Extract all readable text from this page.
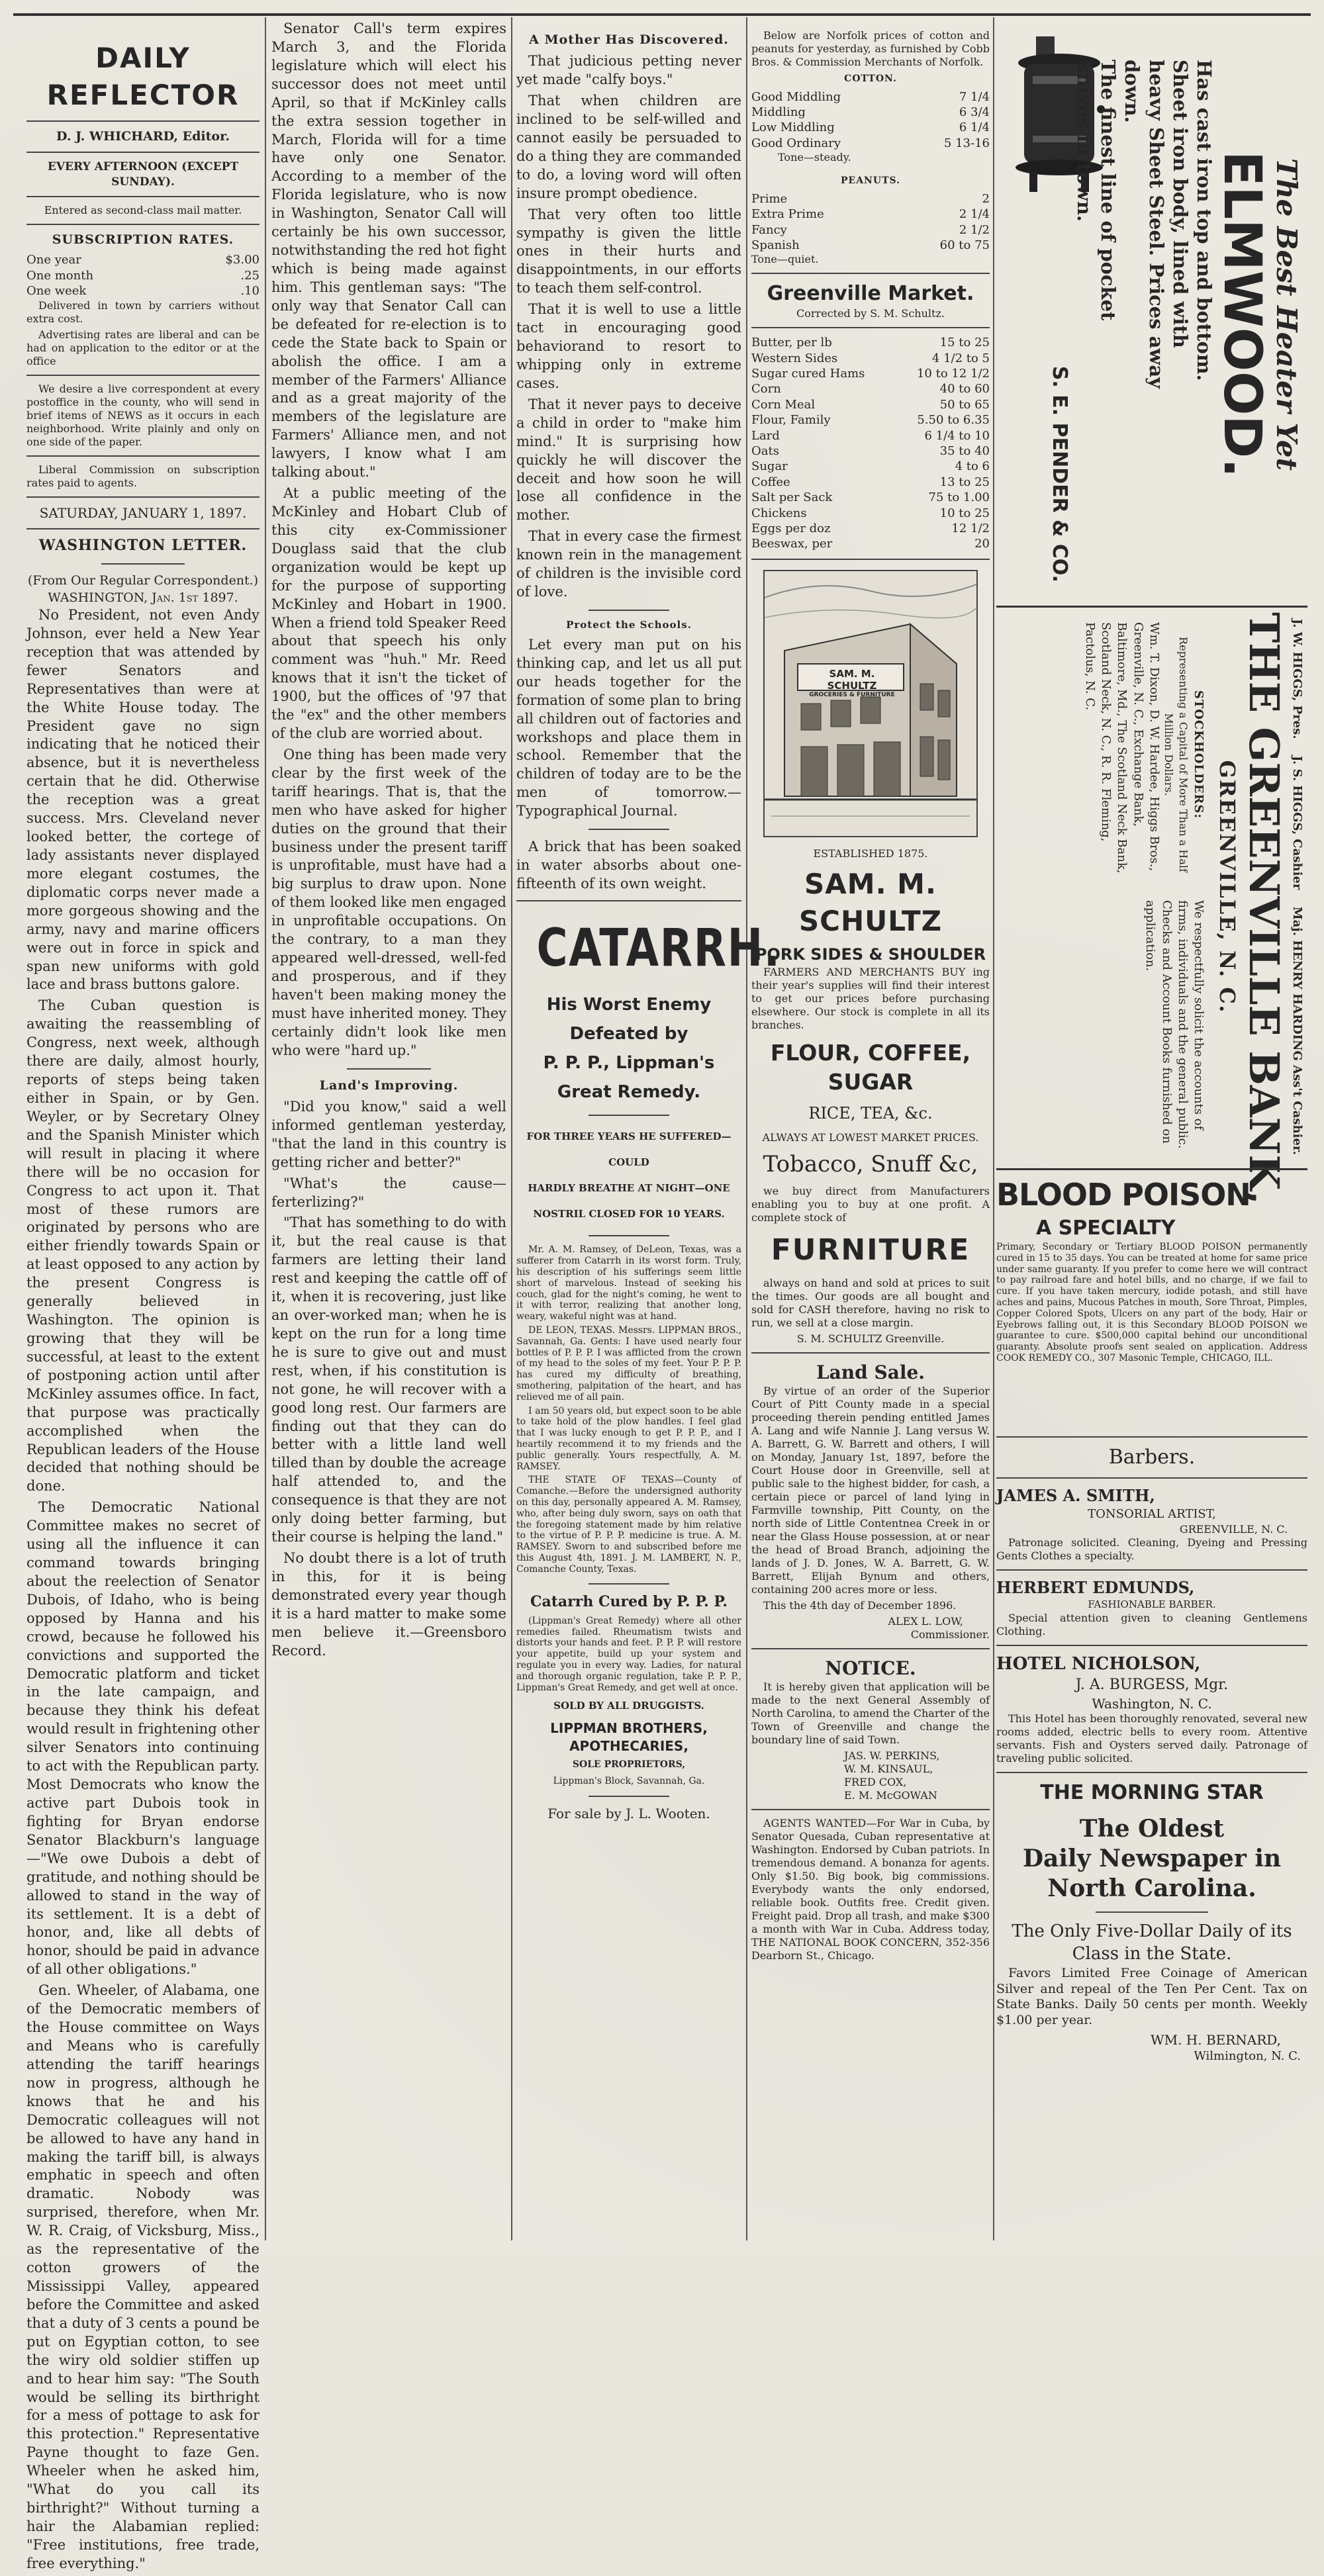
DAILY REFLECTOR
D. J. WHICHARD, Editor.
EVERY AFTERNOON (EXCEPT SUNDAY).
Entered as second-class mail matter.
SUBSCRIPTION RATES.
One year	$3.00
One month	.25
One week	.10

Delivered in town by carriers without extra cost.

Advertising rates are liberal and can be had on application to the editor or at the office

We desire a live correspondent at every postoffice in the county, who will send in brief items of NEWS as it occurs in each neighborhood. Write plainly and only on one side of the paper.

Liberal Commission on subscription rates paid to agents.

SATURDAY, JANUARY 1, 1897.
WASHINGTON LETTER.
(From Our Regular Correspondent.)
WASHINGTON, Jan. 1st 1897.

No President, not even Andy Johnson, ever held a New Year reception that was attended by fewer Senators and Representatives than were at the White House today. The President gave no sign indicating that he noticed their absence, but it is nevertheless certain that he did. Otherwise the reception was a great success. Mrs. Cleveland never looked better, the cortege of lady assistants never displayed more elegant costumes, the diplomatic corps never made a more gorgeous showing and the army, navy and marine officers were out in force in spick and span new uniforms with gold lace and brass buttons galore.

The Cuban question is awaiting the reassembling of Congress, next week, although there are daily, almost hourly, reports of steps being taken either in Spain, or by Gen. Weyler, or by Secretary Olney and the Spanish Minister which will result in placing it where there will be no occasion for Congress to act upon it. That most of these rumors are originated by persons who are either friendly towards Spain or at least opposed to any action by the present Congress is generally believed in Washington. The opinion is growing that they will be successful, at least to the extent of postponing action until after McKinley assumes office. In fact, that purpose was practically accomplished when the Republican leaders of the House decided that nothing should be done.

The Democratic National Committee makes no secret of using all the influence it can command towards bringing about the reelection of Senator Dubois, of Idaho, who is being opposed by Hanna and his crowd, because he followed his convictions and supported the Democratic platform and ticket in the late campaign, and because they think his defeat would result in frightening other silver Senators into continuing to act with the Republican party. Most Democrats who know the active part Dubois took in fighting for Bryan endorse Senator Blackburn's language—"We owe Dubois a debt of gratitude, and nothing should be allowed to stand in the way of its settlement. It is a debt of honor, and, like all debts of honor, should be paid in advance of all other obligations."

Gen. Wheeler, of Alabama, one of the Democratic members of the House committee on Ways and Means who is carefully attending the tariff hearings now in progress, although he knows that he and his Democratic colleagues will not be allowed to have any hand in making the tariff bill, is always emphatic in speech and often dramatic. Nobody was surprised, therefore, when Mr. W. R. Craig, of Vicksburg, Miss., as the representative of the cotton growers of the Mississippi Valley, appeared before the Committee and asked that a duty of 3 cents a pound be put on Egyptian cotton, to see the wiry old soldier stiffen up and to hear him say: "The South would be selling its birthright for a mess of pottage to ask for this protection." Representative Payne thought to faze Gen. Wheeler when he asked him, "What do you call its birthright?" Without turning a hair the Alabamian replied: "Free institutions, free trade, free everything."

Senator Call's term expires March 3, and the Florida legislature which will elect his successor does not meet until April, so that if McKinley calls the extra session together in March, Florida will for a time have only one Senator. According to a member of the Florida legislature, who is now in Washington, Senator Call will certainly be his own successor, notwithstanding the red hot fight which is being made against him. This gentleman says: "The only way that Senator Call can be defeated for re-election is to cede the State back to Spain or abolish the office. I am a member of the Farmers' Alliance and as a great majority of the members of the legislature are Farmers' Alliance men, and not lawyers, I know what I am talking about."

At a public meeting of the McKinley and Hobart Club of this city ex-Commissioner Douglass said that the club organization would be kept up for the purpose of supporting McKinley and Hobart in 1900. When a friend told Speaker Reed about that speech his only comment was "huh." Mr. Reed knows that it isn't the ticket of 1900, but the offices of '97 that the "ex" and the other members of the club are worried about.

One thing has been made very clear by the first week of the tariff hearings. That is, that the men who have asked for higher duties on the ground that their business under the present tariff is unprofitable, must have had a big surplus to draw upon. None of them looked like men engaged in unprofitable occupations. On the contrary, to a man they appeared well-dressed, well-fed and prosperous, and if they haven't been making money the must have inherited money. They certainly didn't look like men who were "hard up."

Land's Improving.

"Did you know," said a well informed gentleman yesterday, "that the land in this country is getting richer and better?"

"What's the cause—ferterlizing?"

"That has something to do with it, but the real cause is that farmers are letting their land rest and keeping the cattle off of it, when it is recovering, just like an over-worked man; when he is kept on the run for a long time he is sure to give out and must rest, when, if his constitution is not gone, he will recover with a good long rest. Our farmers are finding out that they can do better with a little land well tilled than by double the acreage half attended to, and the consequence is that they are not only doing better farming, but their course is helping the land."

No doubt there is a lot of truth in this, for it is being demonstrated every year though it is a hard matter to make some men believe it.—Greensboro Record.

A Mother Has Discovered.

That judicious petting never yet made "calfy boys."

That when children are inclined to be self-willed and cannot easily be persuaded to do a thing they are commanded to do, a loving word will often insure prompt obedience.

That very often too little sympathy is given the little ones in their hurts and disappointments, in our efforts to teach them self-control.

That it is well to use a little tact in encouraging good behaviorand to resort to whipping only in extreme cases.

That it never pays to deceive a child in order to "make him mind." It is surprising how quickly he will discover the deceit and how soon he will lose all confidence in the mother.

That in every case the firmest known rein in the management of children is the invisible cord of love.

Protect the Schools.

Let every man put on his thinking cap, and let us all put our heads together for the formation of some plan to bring all children out of factories and workshops and place them in school. Remember that the children of today are to be the men of tomorrow.—Typographical Journal.

A brick that has been soaked in water absorbs about one-fifteenth of its own weight.

CATARRH.
His Worst Enemy Defeated by
P. P. P., Lippman's
Great Remedy.
FOR THREE YEARS HE SUFFERED—COULD
HARDLY BREATHE AT NIGHT—ONE
NOSTRIL CLOSED FOR 10 YEARS.

Mr. A. M. Ramsey, of DeLeon, Texas, was a sufferer from Catarrh in its worst form. Truly, his description of his sufferings seem little short of marvelous. Instead of seeking his couch, glad for the night's coming, he went to it with terror, realizing that another long, weary, wakeful night was at hand.

DE LEON, TEXAS. Messrs. LIPPMAN BROS., Savannah, Ga. Gents: I have used nearly four bottles of P. P. P. I was afflicted from the crown of my head to the soles of my feet. Your P. P. P. has cured my difficulty of breathing, smothering, palpitation of the heart, and has relieved me of all pain.

I am 50 years old, but expect soon to be able to take hold of the plow handles. I feel glad that I was lucky enough to get P. P. P., and I heartily recommend it to my friends and the public generally. Yours respectfully, A. M. RAMSEY.

THE STATE OF TEXAS—County of Comanche.—Before the undersigned authority on this day, personally appeared A. M. Ramsey, who, after being duly sworn, says on oath that the foregoing statement made by him relative to the virtue of P. P. P. medicine is true. A. M. RAMSEY. Sworn to and subscribed before me this August 4th, 1891. J. M. LAMBERT, N. P., Comanche County, Texas.

Catarrh Cured by P. P. P.

(Lippman's Great Remedy) where all other remedies failed. Rheumatism twists and distorts your hands and feet. P. P. P. will restore your appetite, build up your system and regulate you in every way. Ladies, for natural and thorough organic regulation, take P. P. P., Lippman's Great Remedy, and get well at once.

SOLD BY ALL DRUGGISTS.
LIPPMAN BROTHERS, APOTHECARIES,
SOLE PROPRIETORS,
Lippman's Block, Savannah, Ga.
For sale by J. L. Wooten.

Below are Norfolk prices of cotton and peanuts for yesterday, as furnished by Cobb Bros. & Commission Merchants of Norfolk.

COTTON.
Good Middling	7 1/4
Middling	6 3/4
Low Middling	6 1/4
Good Ordinary	5 13-16
Tone—steady.
PEANUTS.
Prime	2
Extra Prime	2 1/4
Fancy	2 1/2
Spanish	60 to 75
Tone—quiet.
Greenville Market.
Corrected by S. M. Schultz.
Butter, per lb	15 to 25
Western Sides	4 1/2 to 5
Sugar cured Hams	10 to 12 1/2
Corn	40 to 60
Corn Meal	50 to 65
Flour, Family	5.50 to 6.35
Lard	6 1/4 to 10
Oats	35 to 40
Sugar	4 to 6
Coffee	13 to 25
Salt per Sack	75 to 1.00
Chickens	10 to 25
Eggs per doz	12 1/2
Beeswax, per	20
SAM. M. SCHULTZ
GROCERIES & FURNITURE
ESTABLISHED 1875.
SAM. M. SCHULTZ
PORK SIDES & SHOULDER

FARMERS AND MERCHANTS BUY ing their year's supplies will find their interest to get our prices before purchasing elsewhere. Our stock is complete in all its branches.

FLOUR, COFFEE, SUGAR
RICE, TEA, &c.
ALWAYS AT LOWEST MARKET PRICES.
Tobacco, Snuff &c,

we buy direct from Manufacturers enabling you to buy at one profit. A complete stock of

FURNITURE

always on hand and sold at prices to suit the times. Our goods are all bought and sold for CASH therefore, having no risk to run, we sell at a close margin.

S. M. SCHULTZ Greenville.
Land Sale.

By virtue of an order of the Superior Court of Pitt County made in a special proceeding therein pending entitled James A. Lang and wife Nannie J. Lang versus W. A. Barrett, G. W. Barrett and others, I will on Monday, January 1st, 1897, before the Court House door in Greenville, sell at public sale to the highest bidder, for cash, a certain piece or parcel of land lying in Farmville township, Pitt County, on the north side of Little Contentnea Creek in or near the Glass House possession, at or near the head of Broad Branch, adjoining the lands of J. D. Jones, W. A. Barrett, G. W. Barrett, Elijah Bynum and others, containing 200 acres more or less.

This the 4th day of December 1896.

ALEX L. LOW,
Commissioner.
NOTICE.

It is hereby given that application will be made to the next General Assembly of North Carolina, to amend the Charter of the Town of Greenville and change the boundary line of said Town.

JAS. W. PERKINS,
W. M. KINSAUL,
FRED COX,
E. M. McGOWAN

AGENTS WANTED—For War in Cuba, by Senator Quesada, Cuban representative at Washington. Endorsed by Cuban patriots. In tremendous demand. A bonanza for agents. Only $1.50. Big book, big commissions. Everybody wants the only endorsed, reliable book. Outfits free. Credit given. Freight paid. Drop all trash, and make $300 a month with War in Cuba. Address today, THE NATIONAL BOOK CONCERN, 352-356 Dearborn St., Chicago.

The Best Heater Yet
ELMWOOD.
Has cast iron top and bottom.
Sheet iron body, lined with
heavy Sheet Steel. Prices away
down.
The finest line of pocket
knives in town.
S. E. PENDER & CO.
J. W. HIGGS, Pres.
J. S. HIGGS, Cashier
Maj. HENRY HARDING Ass't Cashier.
THE GREENVILLE BANK,
GREENVILLE, N. C.
STOCKHOLDERS:
Representing a Capital of More Than a Half Million Dollars.
Wm. T. Dixon, D. W. Hardee, Higgs Bros., Greenville, N. C., Exchange Bank, Baltimore, Md., The Scotland Neck Bank, Scotland Neck, N. C., R. R. Fleming, Pactolus, N. C.
We respectfully solicit the accounts of firms, individuals and the general public. Checks and Account Books furnished on application.
BLOOD POISON
A SPECIALTY

Primary, Secondary or Tertiary BLOOD POISON permanently cured in 15 to 35 days. You can be treated at home for same price under same guaranty. If you prefer to come here we will contract to pay railroad fare and hotel bills, and no charge, if we fail to cure. If you have taken mercury, iodide potash, and still have aches and pains, Mucous Patches in mouth, Sore Throat, Pimples, Copper Colored Spots, Ulcers on any part of the body, Hair or Eyebrows falling out, it is this Secondary BLOOD POISON we guarantee to cure. $500,000 capital behind our unconditional guaranty. Absolute proofs sent sealed on application. Address COOK REMEDY CO., 307 Masonic Temple, CHICAGO, ILL.

Barbers.
JAMES A. SMITH,
TONSORIAL ARTIST,
GREENVILLE, N. C.

Patronage solicited. Cleaning, Dyeing and Pressing Gents Clothes a specialty.

HERBERT EDMUNDS,
FASHIONABLE BARBER.

Special attention given to cleaning Gentlemens Clothing.

HOTEL NICHOLSON,
J. A. BURGESS, Mgr.
Washington, N. C.

This Hotel has been thoroughly renovated, several new rooms added, electric bells to every room. Attentive servants. Fish and Oysters served daily. Patronage of traveling public solicited.

THE MORNING STAR
The Oldest
Daily Newspaper in
North Carolina.
The Only Five-Dollar Daily of its Class in the State.

Favors Limited Free Coinage of American Silver and repeal of the Ten Per Cent. Tax on State Banks. Daily 50 cents per month. Weekly $1.00 per year.

WM. H. BERNARD,
Wilmington, N. C.
